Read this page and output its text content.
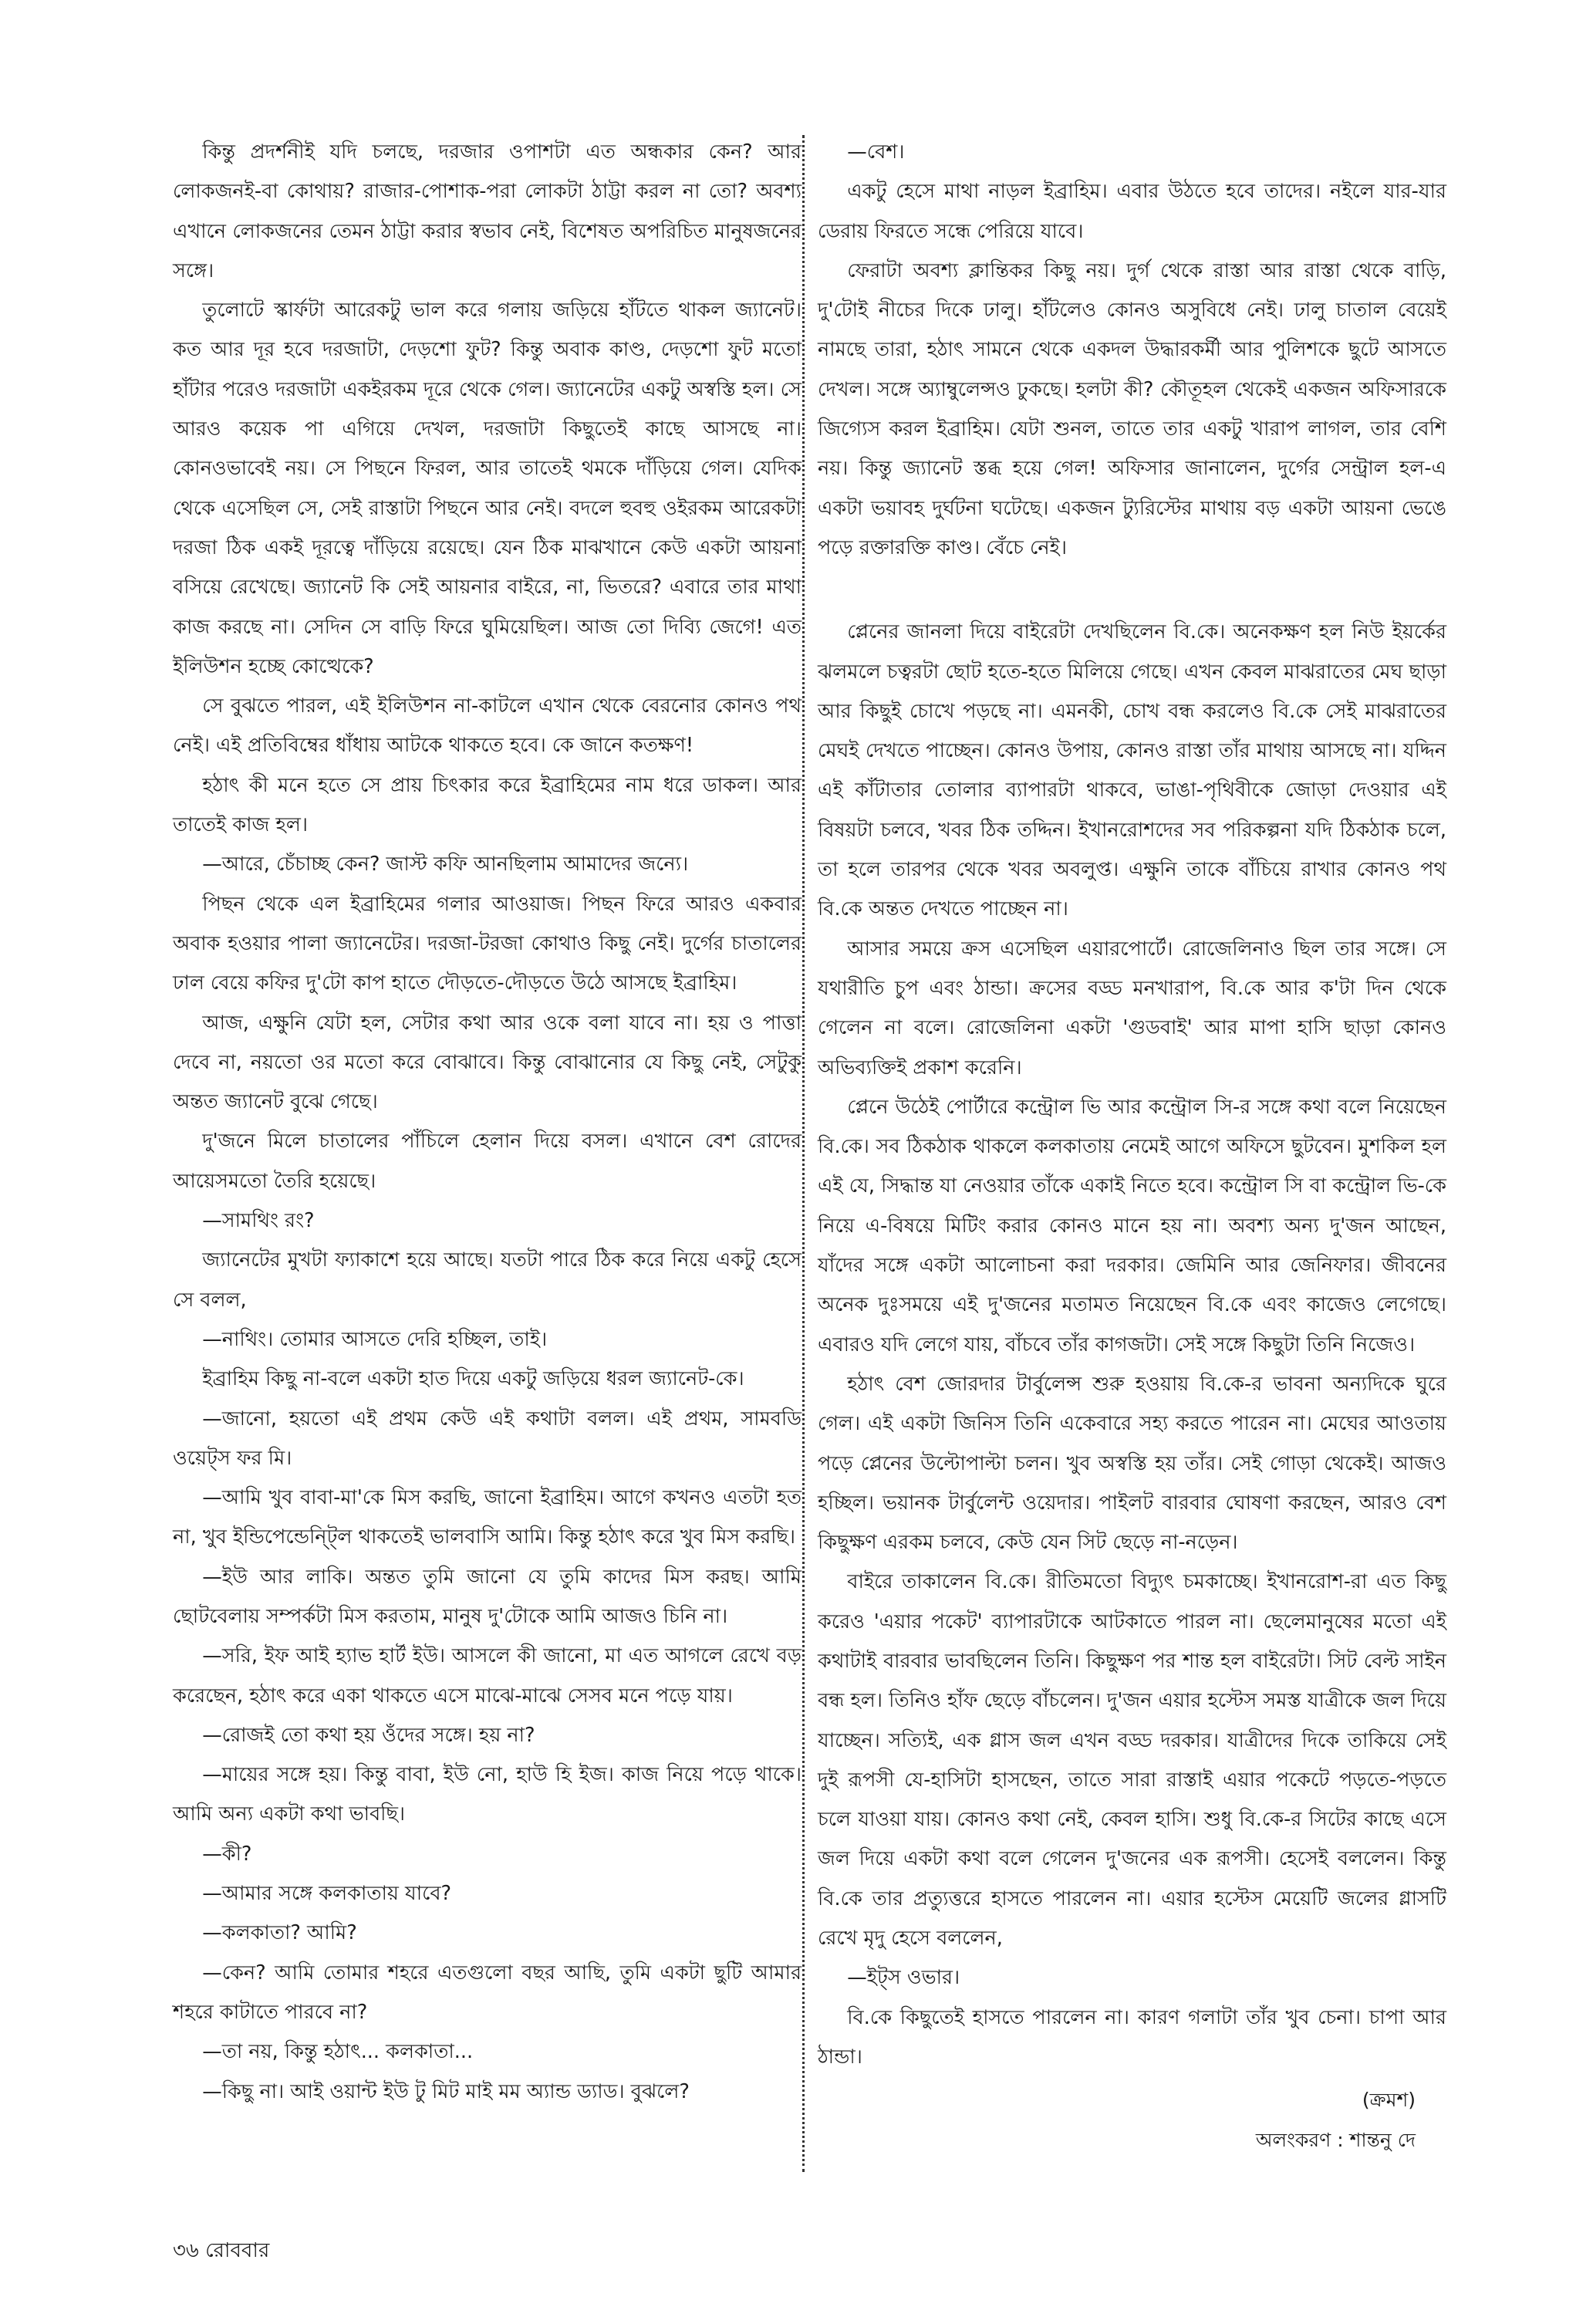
কিন্তু প্রদর্শনীই যদি চলছে, দরজার ওপাশটা এত অন্ধকার কেন? আর লোকজনই-বা কোথায়? রাজার-পোশাক-পরা লোকটা ঠাট্টা করল না তো? অবশ্য এখানে লোকজনের তেমন ঠাট্টা করার স্বভাব নেই, বিশেষত অপরিচিত মানুষজনের সঙ্গে।

তুলোটে স্কার্ফটা আরেকটু ভাল করে গলায় জড়িয়ে হাঁটতে থাকল জ্যানেট। কত আর দূর হবে দরজাটা, দেড়শো ফুট? কিন্তু অবাক কাণ্ড, দেড়শো ফুট মতো হাঁটার পরেও দরজাটা একইরকম দূরে থেকে গেল। জ্যানেটের একটু অস্বস্তি হল। সে আরও কয়েক পা এগিয়ে দেখল, দরজাটা কিছুতেই কাছে আসছে না। কোনওভাবেই নয়। সে পিছনে ফিরল, আর তাতেই থমকে দাঁড়িয়ে গেল। যেদিক থেকে এসেছিল সে, সেই রাস্তাটা পিছনে আর নেই। বদলে হুবহু ওইরকম আরেকটা দরজা ঠিক একই দূরত্বে দাঁড়িয়ে রয়েছে। যেন ঠিক মাঝখানে কেউ একটা আয়না বসিয়ে রেখেছে। জ্যানেট কি সেই আয়নার বাইরে, না, ভিতরে? এবারে তার মাথা কাজ করছে না। সেদিন সে বাড়ি ফিরে ঘুমিয়েছিল। আজ তো দিব্যি জেগে! এত ইলিউশন হচ্ছে কোত্থেকে?

সে বুঝতে পারল, এই ইলিউশন না-কাটলে এখান থেকে বেরনোর কোনও পথ নেই। এই প্রতিবিম্বের ধাঁধায় আটকে থাকতে হবে। কে জানে কতক্ষণ!

হঠাৎ কী মনে হতে সে প্রায় চিৎকার করে ইব্রাহিমের নাম ধরে ডাকল। আর তাতেই কাজ হল।

—আরে, চেঁচাচ্ছ কেন? জাস্ট কফি আনছিলাম আমাদের জন্যে।

পিছন থেকে এল ইব্রাহিমের গলার আওয়াজ। পিছন ফিরে আরও একবার অবাক হওয়ার পালা জ্যানেটের। দরজা-টরজা কোথাও কিছু নেই। দুর্গের চাতালের ঢাল বেয়ে কফির দু'টো কাপ হাতে দৌড়তে-দৌড়তে উঠে আসছে ইব্রাহিম।

আজ, এক্ষুনি যেটা হল, সেটার কথা আর ওকে বলা যাবে না। হয় ও পাত্তা দেবে না, নয়তো ওর মতো করে বোঝাবে। কিন্তু বোঝানোর যে কিছু নেই, সেটুকু অন্তত জ্যানেট বুঝে গেছে।

দু'জনে মিলে চাতালের পাঁচিলে হেলান দিয়ে বসল। এখানে বেশ রোদের আয়েসমতো তৈরি হয়েছে।

—সামথিং রং?

জ্যানেটের মুখটা ফ্যাকাশে হয়ে আছে। যতটা পারে ঠিক করে নিয়ে একটু হেসে সে বলল,

—নাথিং। তোমার আসতে দেরি হচ্ছিল, তাই।

ইব্রাহিম কিছু না-বলে একটা হাত দিয়ে একটু জড়িয়ে ধরল জ্যানেট-কে।

—জানো, হয়তো এই প্রথম কেউ এই কথাটা বলল। এই প্রথম, সামবডি ওয়েট্স ফর মি।

—আমি খুব বাবা-মা'কে মিস করছি, জানো ইব্রাহিম। আগে কখনও এতটা হত না, খুব ইন্ডিপেন্ডেন্ট্লি থাকতেই ভালবাসি আমি। কিন্তু হঠাৎ করে খুব মিস করছি।

—ইউ আর লাকি। অন্তত তুমি জানো যে তুমি কাদের মিস করছ। আমি ছোটবেলায় সম্পর্কটা মিস করতাম, মানুষ দু'টোকে আমি আজও চিনি না।

—সরি, ইফ আই হ্যাভ হার্ট ইউ। আসলে কী জানো, মা এত আগলে রেখে বড় করেছেন, হঠাৎ করে একা থাকতে এসে মাঝে-মাঝে সেসব মনে পড়ে যায়।

—রোজই তো কথা হয় ওঁদের সঙ্গে। হয় না?

—মায়ের সঙ্গে হয়। কিন্তু বাবা, ইউ নো, হাউ হি ইজ। কাজ নিয়ে পড়ে থাকে। আমি অন্য একটা কথা ভাবছি।

—কী?

—আমার সঙ্গে কলকাতায় যাবে?

—কলকাতা? আমি?

—কেন? আমি তোমার শহরে এতগুলো বছর আছি, তুমি একটা ছুটি আমার শহরে কাটাতে পারবে না?

—তা নয়, কিন্তু হঠাৎ... কলকাতা...

—কিছু না। আই ওয়ান্ট ইউ টু মিট মাই মম অ্যান্ড ড্যাড। বুঝলে?

—বেশ।

একটু হেসে মাথা নাড়ল ইব্রাহিম। এবার উঠতে হবে তাদের। নইলে যার-যার ডেরায় ফিরতে সন্ধে পেরিয়ে যাবে।

ফেরাটা অবশ্য ক্লান্তিকর কিছু নয়। দুর্গ থেকে রাস্তা আর রাস্তা থেকে বাড়ি, দু'টোই নীচের দিকে ঢালু। হাঁটলেও কোনও অসুবিধে নেই। ঢালু চাতাল বেয়েই নামছে তারা, হঠাৎ সামনে থেকে একদল উদ্ধারকর্মী আর পুলিশকে ছুটে আসতে দেখল। সঙ্গে অ্যাম্বুলেন্সও ঢুকছে। হলটা কী? কৌতূহল থেকেই একজন অফিসারকে জিগ্যেস করল ইব্রাহিম। যেটা শুনল, তাতে তার একটু খারাপ লাগল, তার বেশি নয়। কিন্তু জ্যানেট স্তব্ধ হয়ে গেল! অফিসার জানালেন, দুর্গের সেন্ট্রাল হল-এ একটা ভয়াবহ দুর্ঘটনা ঘটেছে। একজন ট্যুরিস্টের মাথায় বড় একটা আয়না ভেঙে পড়ে রক্তারক্তি কাণ্ড। বেঁচে নেই।

প্লেনের জানলা দিয়ে বাইরেটা দেখছিলেন বি.কে। অনেকক্ষণ হল নিউ ইয়র্কের ঝলমলে চত্বরটা ছোট হতে-হতে মিলিয়ে গেছে। এখন কেবল মাঝরাতের মেঘ ছাড়া আর কিছুই চোখে পড়ছে না। এমনকী, চোখ বন্ধ করলেও বি.কে সেই মাঝরাতের মেঘই দেখতে পাচ্ছেন। কোনও উপায়, কোনও রাস্তা তাঁর মাথায় আসছে না। যদ্দিন এই কাঁটাতার তোলার ব্যাপারটা থাকবে, ভাঙা-পৃথিবীকে জোড়া দেওয়ার এই বিষয়টা চলবে, খবর ঠিক তদ্দিন। ইখানরোশদের সব পরিকল্পনা যদি ঠিকঠাক চলে, তা হলে তারপর থেকে খবর অবলুপ্ত। এক্ষুনি তাকে বাঁচিয়ে রাখার কোনও পথ বি.কে অন্তত দেখতে পাচ্ছেন না।

আসার সময়ে ক্রস এসেছিল এয়ারপোর্টে। রোজেলিনাও ছিল তার সঙ্গে। সে যথারীতি চুপ এবং ঠান্ডা। ক্রসের বড্ড মনখারাপ, বি.কে আর ক'টা দিন থেকে গেলেন না বলে। রোজেলিনা একটা 'গুডবাই' আর মাপা হাসি ছাড়া কোনও অভিব্যক্তিই প্রকাশ করেনি।

প্লেনে উঠেই পোর্টারে কন্ট্রোল ভি আর কন্ট্রোল সি-র সঙ্গে কথা বলে নিয়েছেন বি.কে। সব ঠিকঠাক থাকলে কলকাতায় নেমেই আগে অফিসে ছুটবেন। মুশকিল হল এই যে, সিদ্ধান্ত যা নেওয়ার তাঁকে একাই নিতে হবে। কন্ট্রোল সি বা কন্ট্রোল ভি-কে নিয়ে এ-বিষয়ে মিটিং করার কোনও মানে হয় না। অবশ্য অন্য দু'জন আছেন, যাঁদের সঙ্গে একটা আলোচনা করা দরকার। জেমিনি আর জেনিফার। জীবনের অনেক দুঃসময়ে এই দু'জনের মতামত নিয়েছেন বি.কে এবং কাজেও লেগেছে। এবারও যদি লেগে যায়, বাঁচবে তাঁর কাগজটা। সেই সঙ্গে কিছুটা তিনি নিজেও।

হঠাৎ বেশ জোরদার টার্বুলেন্স শুরু হওয়ায় বি.কে-র ভাবনা অন্যদিকে ঘুরে গেল। এই একটা জিনিস তিনি একেবারে সহ্য করতে পারেন না। মেঘের আওতায় পড়ে প্লেনের উল্টোপাল্টা চলন। খুব অস্বস্তি হয় তাঁর। সেই গোড়া থেকেই। আজও হচ্ছিল। ভয়ানক টার্বুলেন্ট ওয়েদার। পাইলট বারবার ঘোষণা করছেন, আরও বেশ কিছুক্ষণ এরকম চলবে, কেউ যেন সিট ছেড়ে না-নড়েন।

বাইরে তাকালেন বি.কে। রীতিমতো বিদ্যুৎ চমকাচ্ছে। ইখানরোশ-রা এত কিছু করেও 'এয়ার পকেট' ব্যাপারটাকে আটকাতে পারল না। ছেলেমানুষের মতো এই কথাটাই বারবার ভাবছিলেন তিনি। কিছুক্ষণ পর শান্ত হল বাইরেটা। সিট বেল্ট সাইন বন্ধ হল। তিনিও হাঁফ ছেড়ে বাঁচলেন। দু'জন এয়ার হস্টেস সমস্ত যাত্রীকে জল দিয়ে যাচ্ছেন। সত্যিই, এক গ্লাস জল এখন বড্ড দরকার। যাত্রীদের দিকে তাকিয়ে সেই দুই রূপসী যে-হাসিটা হাসছেন, তাতে সারা রাস্তাই এয়ার পকেটে পড়তে-পড়তে চলে যাওয়া যায়। কোনও কথা নেই, কেবল হাসি। শুধু বি.কে-র সিটের কাছে এসে জল দিয়ে একটা কথা বলে গেলেন দু'জনের এক রূপসী। হেসেই বললেন। কিন্তু বি.কে তার প্রত্যুত্তরে হাসতে পারলেন না। এয়ার হস্টেস মেয়েটি জলের গ্লাসটি রেখে মৃদু হেসে বললেন,

—ইট্স ওভার।

বি.কে কিছুতেই হাসতে পারলেন না। কারণ গলাটা তাঁর খুব চেনা। চাপা আর ঠান্ডা।

(ক্রমশ)

অলংকরণ : শান্তনু দে

৩৬ রোববার
